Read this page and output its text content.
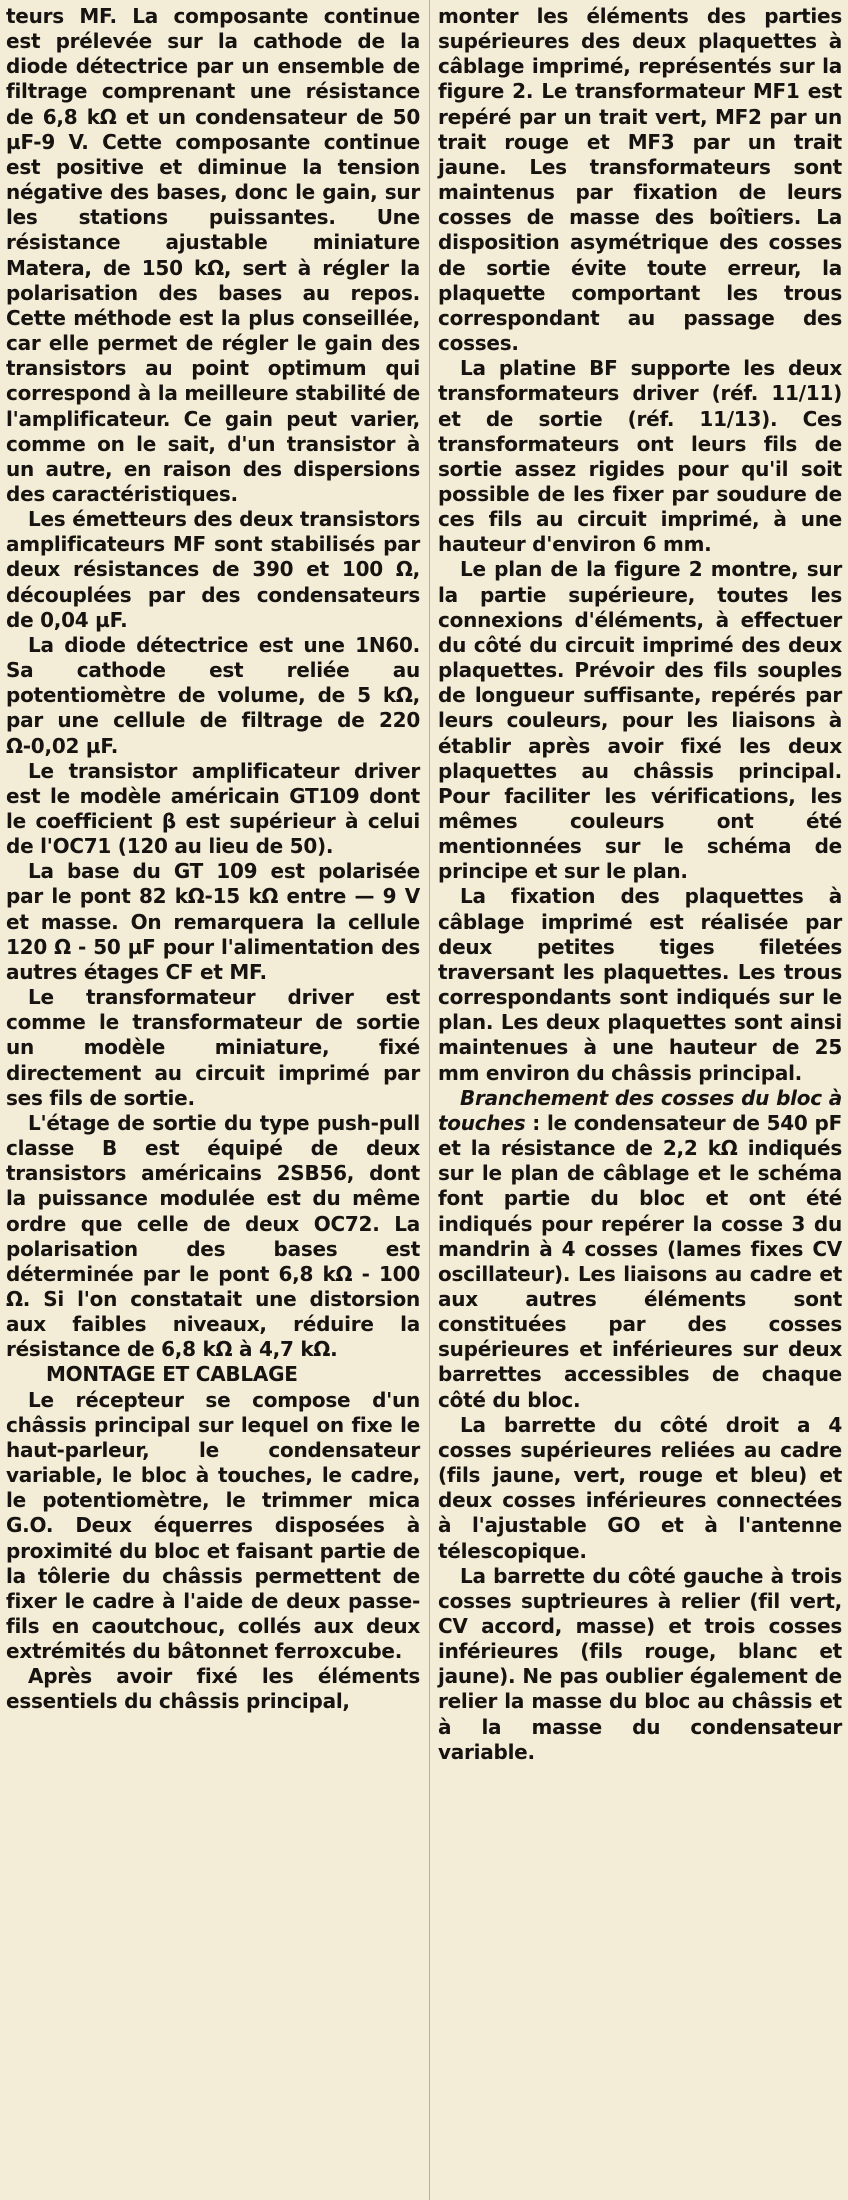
teurs MF. La composante continue est prélevée sur la cathode de la diode détectrice par un ensemble de filtrage comprenant une résistance de 6,8 kΩ et un condensateur de 50 µF-9 V. Cette composante continue est positive et diminue la tension négative des bases, donc le gain, sur les stations puissantes. Une résistance ajustable miniature Matera, de 150 kΩ, sert à régler la polarisation des bases au repos. Cette méthode est la plus conseillée, car elle permet de régler le gain des transistors au point optimum qui correspond à la meilleure stabilité de l'amplificateur. Ce gain peut varier, comme on le sait, d'un transistor à un autre, en raison des dispersions des caractéristiques.

Les émetteurs des deux transistors amplificateurs MF sont stabilisés par deux résistances de 390 et 100 Ω, découplées par des condensateurs de 0,04 µF.

La diode détectrice est une 1N60. Sa cathode est reliée au potentiomètre de volume, de 5 kΩ, par une cellule de filtrage de 220 Ω-0,02 µF.

Le transistor amplificateur driver est le modèle américain GT109 dont le coefficient β est supérieur à celui de l'OC71 (120 au lieu de 50).

La base du GT 109 est polarisée par le pont 82 kΩ-15 kΩ entre — 9 V et masse. On remarquera la cellule 120 Ω - 50 µF pour l'alimentation des autres étages CF et MF.

Le transformateur driver est comme le transformateur de sortie un modèle miniature, fixé directement au circuit imprimé par ses fils de sortie.

L'étage de sortie du type push-pull classe B est équipé de deux transistors américains 2SB56, dont la puissance modulée est du même ordre que celle de deux OC72. La polarisation des bases est déterminée par le pont 6,8 kΩ - 100 Ω. Si l'on constatait une distorsion aux faibles niveaux, réduire la résistance de 6,8 kΩ à 4,7 kΩ.

MONTAGE ET CABLAGE

Le récepteur se compose d'un châssis principal sur lequel on fixe le haut-parleur, le condensateur variable, le bloc à touches, le cadre, le potentiomètre, le trimmer mica G.O. Deux équerres disposées à proximité du bloc et faisant partie de la tôlerie du châssis permettent de fixer le cadre à l'aide de deux passe-fils en caoutchouc, collés aux deux extrémités du bâtonnet ferroxcube.

Après avoir fixé les éléments essentiels du châssis principal,

monter les éléments des parties supérieures des deux plaquettes à câblage imprimé, représentés sur la figure 2. Le transformateur MF1 est repéré par un trait vert, MF2 par un trait rouge et MF3 par un trait jaune. Les transformateurs sont maintenus par fixation de leurs cosses de masse des boîtiers. La disposition asymétrique des cosses de sortie évite toute erreur, la plaquette comportant les trous correspondant au passage des cosses.

La platine BF supporte les deux transformateurs driver (réf. 11/11) et de sortie (réf. 11/13). Ces transformateurs ont leurs fils de sortie assez rigides pour qu'il soit possible de les fixer par soudure de ces fils au circuit imprimé, à une hauteur d'environ 6 mm.

Le plan de la figure 2 montre, sur la partie supérieure, toutes les connexions d'éléments, à effectuer du côté du circuit imprimé des deux plaquettes. Prévoir des fils souples de longueur suffisante, repérés par leurs couleurs, pour les liaisons à établir après avoir fixé les deux plaquettes au châssis principal. Pour faciliter les vérifications, les mêmes couleurs ont été mentionnées sur le schéma de principe et sur le plan.

La fixation des plaquettes à câblage imprimé est réalisée par deux petites tiges filetées traversant les plaquettes. Les trous correspondants sont indiqués sur le plan. Les deux plaquettes sont ainsi maintenues à une hauteur de 25 mm environ du châssis principal.

Branchement des cosses du bloc à touches : le condensateur de 540 pF et la résistance de 2,2 kΩ indiqués sur le plan de câblage et le schéma font partie du bloc et ont été indiqués pour repérer la cosse 3 du mandrin à 4 cosses (lames fixes CV oscillateur). Les liaisons au cadre et aux autres éléments sont constituées par des cosses supérieures et inférieures sur deux barrettes accessibles de chaque côté du bloc.

La barrette du côté droit a 4 cosses supérieures reliées au cadre (fils jaune, vert, rouge et bleu) et deux cosses inférieures connectées à l'ajustable GO et à l'antenne télescopique.

La barrette du côté gauche à trois cosses suptrieures à relier (fil vert, CV accord, masse) et trois cosses inférieures (fils rouge, blanc et jaune). Ne pas oublier également de relier la masse du bloc au châssis et à la masse du condensateur variable.
